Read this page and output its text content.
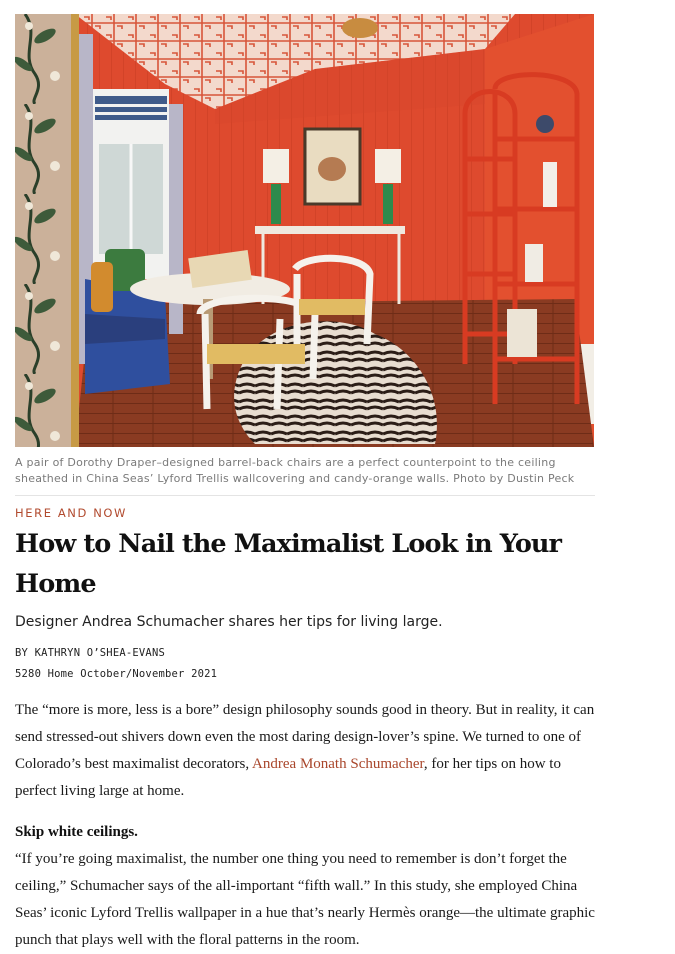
A pair of Dorothy Draper–designed barrel-back chairs are a perfect counterpoint to the ceiling sheathed in China Seas’ Lyford Trellis wallcovering and candy-orange walls. Photo by Dustin Peck
HERE AND NOW
How to Nail the Maximalist Look in Your Home
Designer Andrea Schumacher shares her tips for living large.
BY KATHRYN O’SHEA-EVANS
5280 Home October/November 2021

The “more is more, less is a bore” design philosophy sounds good in theory. But in reality, it can send stressed-out shivers down even the most daring design-lover’s spine. We turned to one of Colorado’s best maximalist decorators, Andrea Monath Schumacher, for her tips on how to perfect living large at home.

Skip white ceilings.

“If you’re going maximalist, the number one thing you need to remember is don’t forget the ceiling,” Schumacher says of the all-important “fifth wall.” In this study, she employed China Seas’ iconic Lyford Trellis wallpaper in a hue that’s nearly Hermès orange—the ultimate graphic punch that plays well with the floral patterns in the room.
